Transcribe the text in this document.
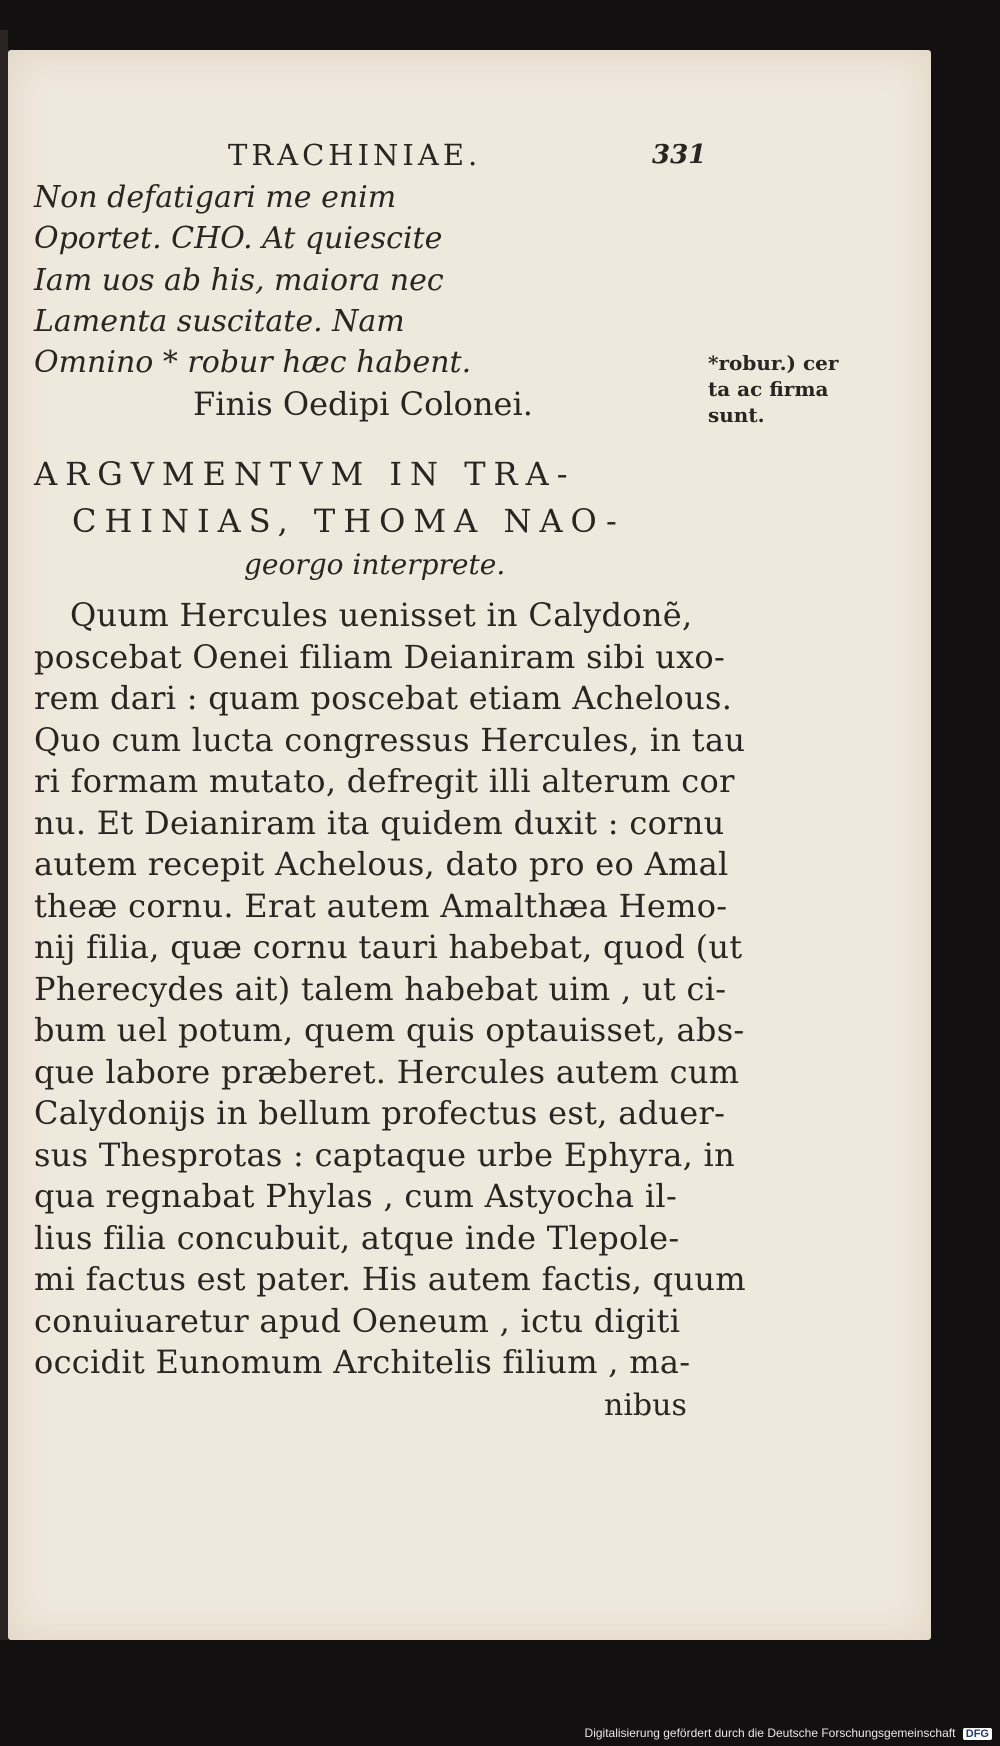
TRACHINIAE.	331
Non defatigari me enim
Oportet. CHO. At quiescite
Iam uos ab his, maiora nec
Lamenta suscitate. Nam
Omnino * robur hæc habent.
Finis Oedipi Colonei.
*robur.) cer
ta ac firma
sunt.
ARGVMENTVM IN TRA-
CHINIAS, THOMA NAO-
georgo interprete.
Quum Hercules uenisset in Calydonẽ,
poscebat Oenei filiam Deianiram sibi uxo-
rem dari : quam poscebat etiam Achelous.
Quo cum lucta congressus Hercules, in tau
ri formam mutato, defregit illi alterum cor
nu. Et Deianiram ita quidem duxit : cornu
autem recepit Achelous, dato pro eo Amal
theæ cornu. Erat autem Amalthæa Hemo-
nij filia, quæ cornu tauri habebat, quod (ut
Pherecydes ait) talem habebat uim , ut ci-
bum uel potum, quem quis optauisset, abs-
que labore præberet. Hercules autem cum
Calydonijs in bellum profectus est, aduer-
sus Thesprotas : captaque urbe Ephyra, in
qua regnabat Phylas , cum Astyocha il-
lius filia concubuit, atque inde Tlepole-
mi factus est pater. His autem factis, quum
conuiuaretur apud Oeneum , ictu digiti
occidit Eunomum Architelis filium , ma-
nibus
Digitalisierung gefördert durch die Deutsche Forschungsgemeinschaft DFG
